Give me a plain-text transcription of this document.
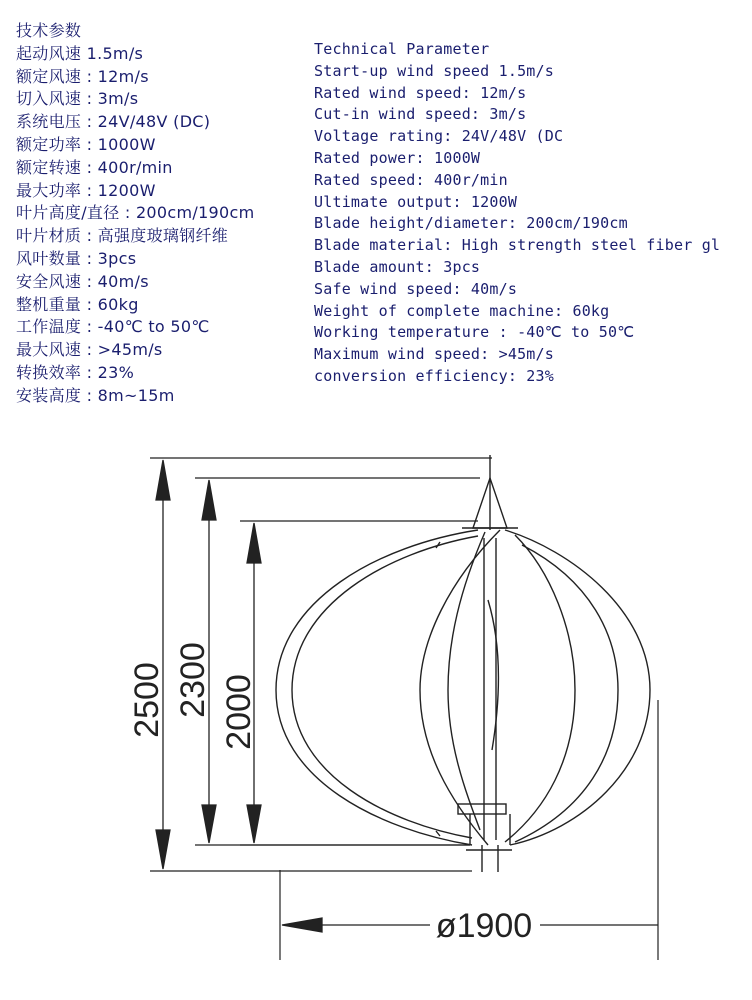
技术参数
起动风速 1.5m/s
额定风速 : 12m/s
切入风速 : 3m/s
系统电压 : 24V/48V (DC)
额定功率 : 1000W
额定转速 : 400r/min
最大功率 : 1200W
叶片高度/直径 : 200cm/190cm
叶片材质 : 高强度玻璃钢纤维
风叶数量 : 3pcs
安全风速 : 40m/s
整机重量 : 60kg
工作温度 : -40℃ to 50℃
最大风速 : >45m/s
转换效率 : 23%
安装高度 : 8m~15m
Technical Parameter
Start-up wind speed 1.5m/s
Rated wind speed: 12m/s
Cut-in wind speed: 3m/s
Voltage rating: 24V/48V (DC
Rated power: 1000W
Rated speed: 400r/min
Ultimate output: 1200W
Blade height/diameter: 200cm/190cm
Blade material: High strength steel fiber gl
Blade amount: 3pcs
Safe wind speed: 40m/s
Weight of complete machine: 60kg
Working temperature : -40℃ to 50℃
Maximum wind speed: >45m/s
conversion efficiency: 23%
2500 2300 2000
ø1900
